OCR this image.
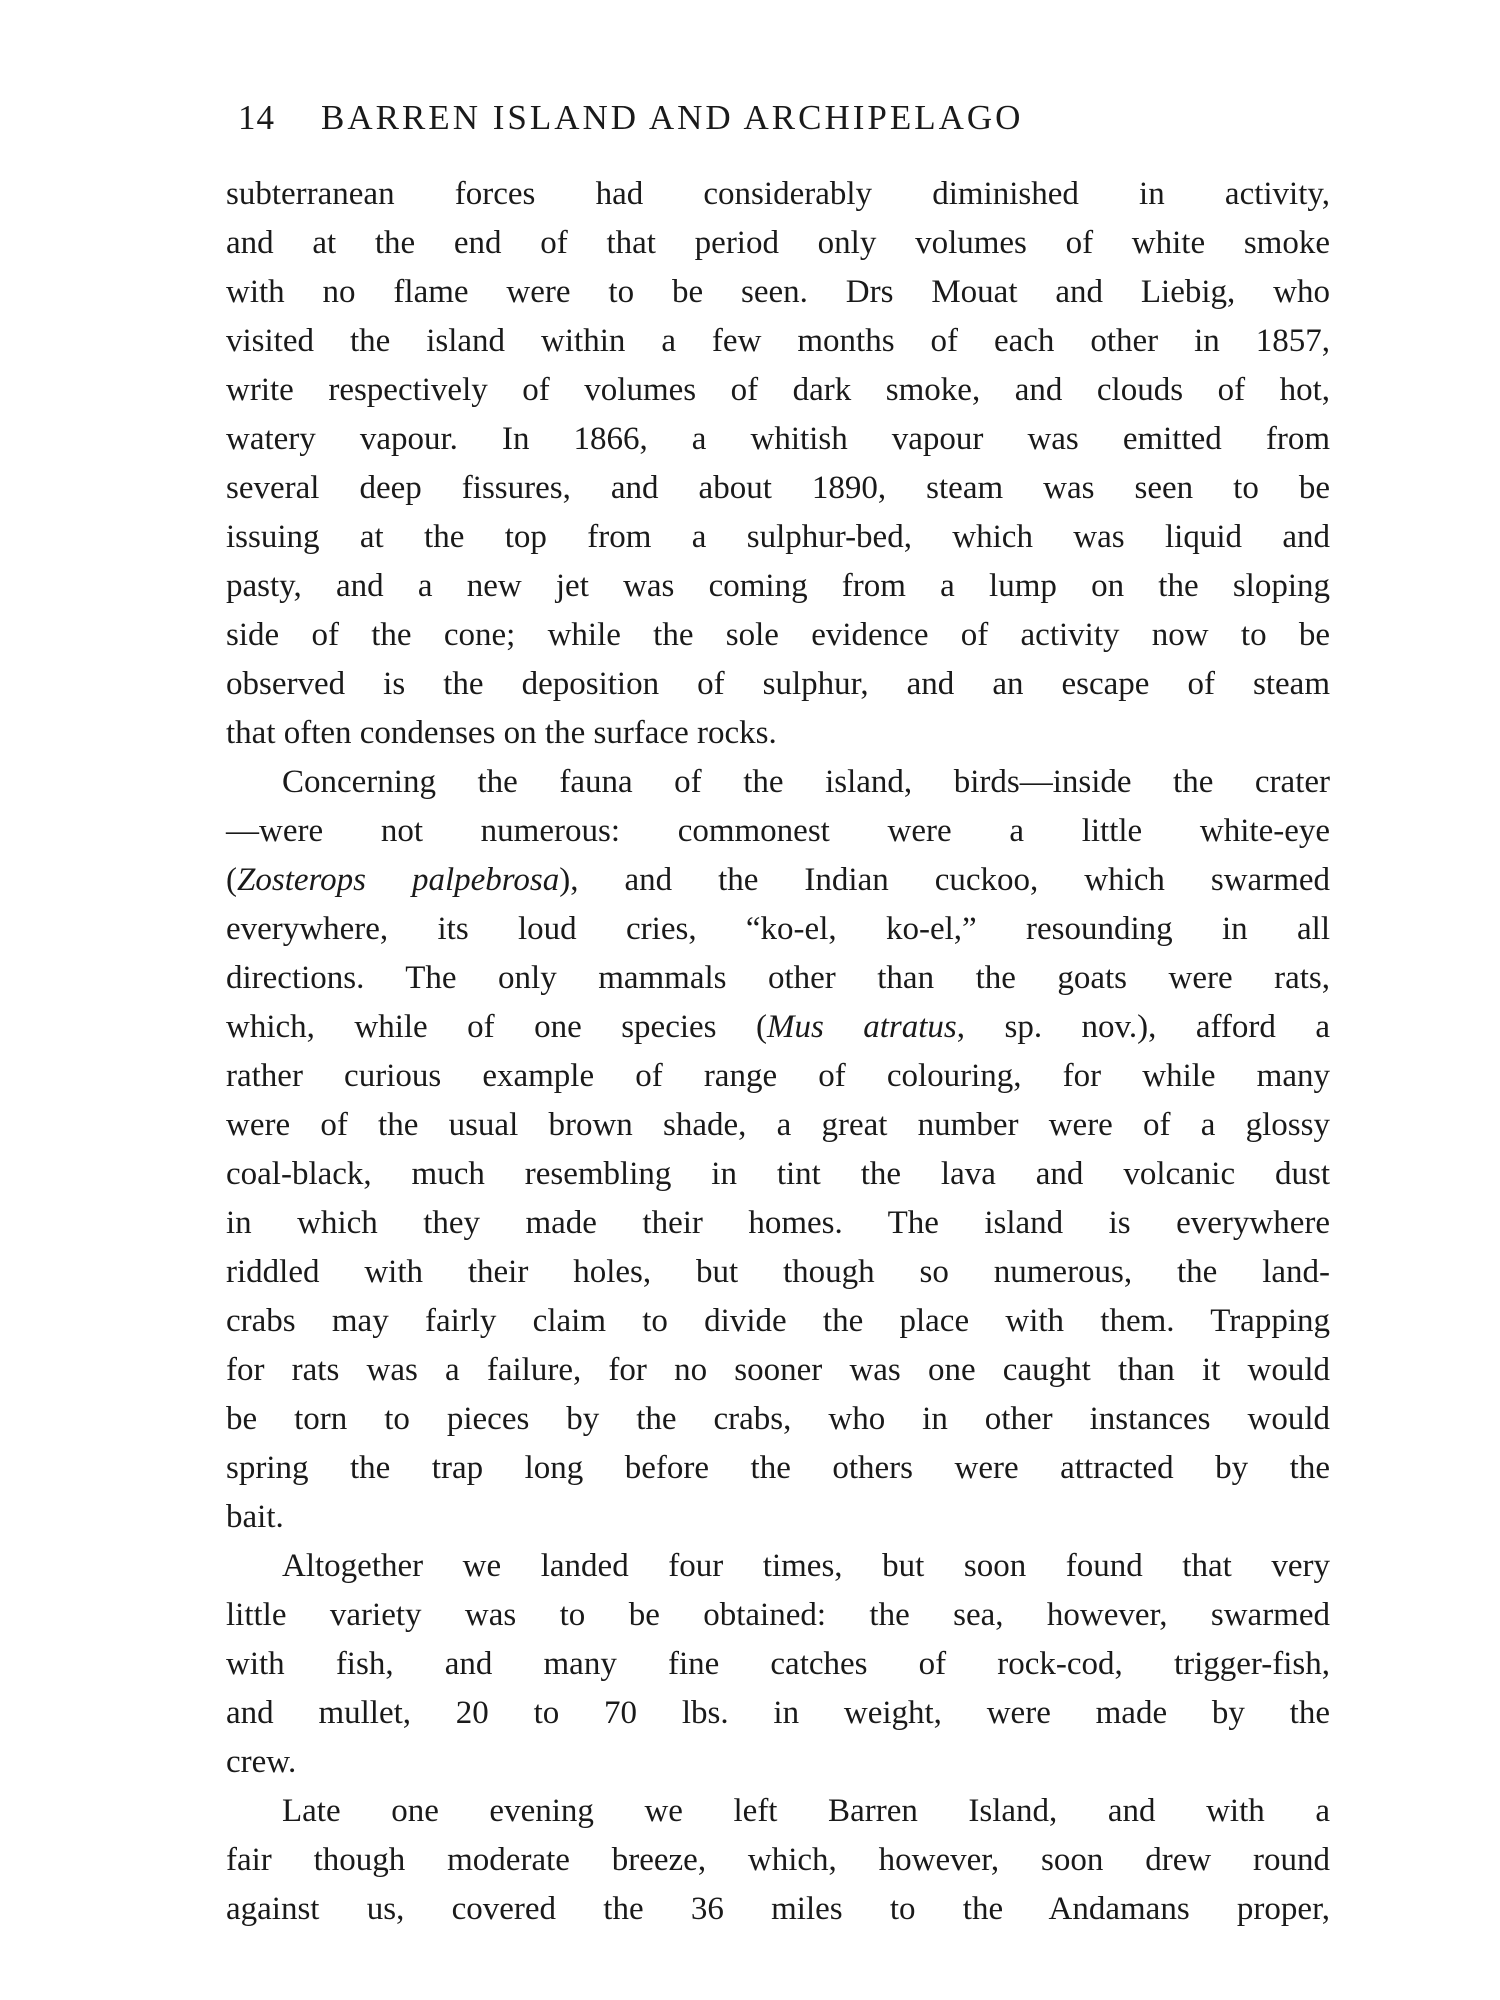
14 BARREN ISLAND AND ARCHIPELAGO
subterranean forces had considerably diminished in activity,
and at the end of that period only volumes of white smoke
with no flame were to be seen. Drs Mouat and Liebig, who
visited the island within a few months of each other in 1857,
write respectively of volumes of dark smoke, and clouds of hot,
watery vapour. In 1866, a whitish vapour was emitted from
several deep fissures, and about 1890, steam was seen to be
issuing at the top from a sulphur-bed, which was liquid and
pasty, and a new jet was coming from a lump on the sloping
side of the cone; while the sole evidence of activity now to be
observed is the deposition of sulphur, and an escape of steam
that often condenses on the surface rocks.
Concerning the fauna of the island, birds—inside the crater
—were not numerous: commonest were a little white-eye
(Zosterops palpebrosa), and the Indian cuckoo, which swarmed
everywhere, its loud cries, “ko-el, ko-el,” resounding in all
directions. The only mammals other than the goats were rats,
which, while of one species (Mus atratus, sp. nov.), afford a
rather curious example of range of colouring, for while many
were of the usual brown shade, a great number were of a glossy
coal-black, much resembling in tint the lava and volcanic dust
in which they made their homes. The island is everywhere
riddled with their holes, but though so numerous, the land-
crabs may fairly claim to divide the place with them. Trapping
for rats was a failure, for no sooner was one caught than it would
be torn to pieces by the crabs, who in other instances would
spring the trap long before the others were attracted by the
bait.
Altogether we landed four times, but soon found that very
little variety was to be obtained: the sea, however, swarmed
with fish, and many fine catches of rock-cod, trigger-fish,
and mullet, 20 to 70 lbs. in weight, were made by the
crew.
Late one evening we left Barren Island, and with a
fair though moderate breeze, which, however, soon drew round
against us, covered the 36 miles to the Andamans proper,
